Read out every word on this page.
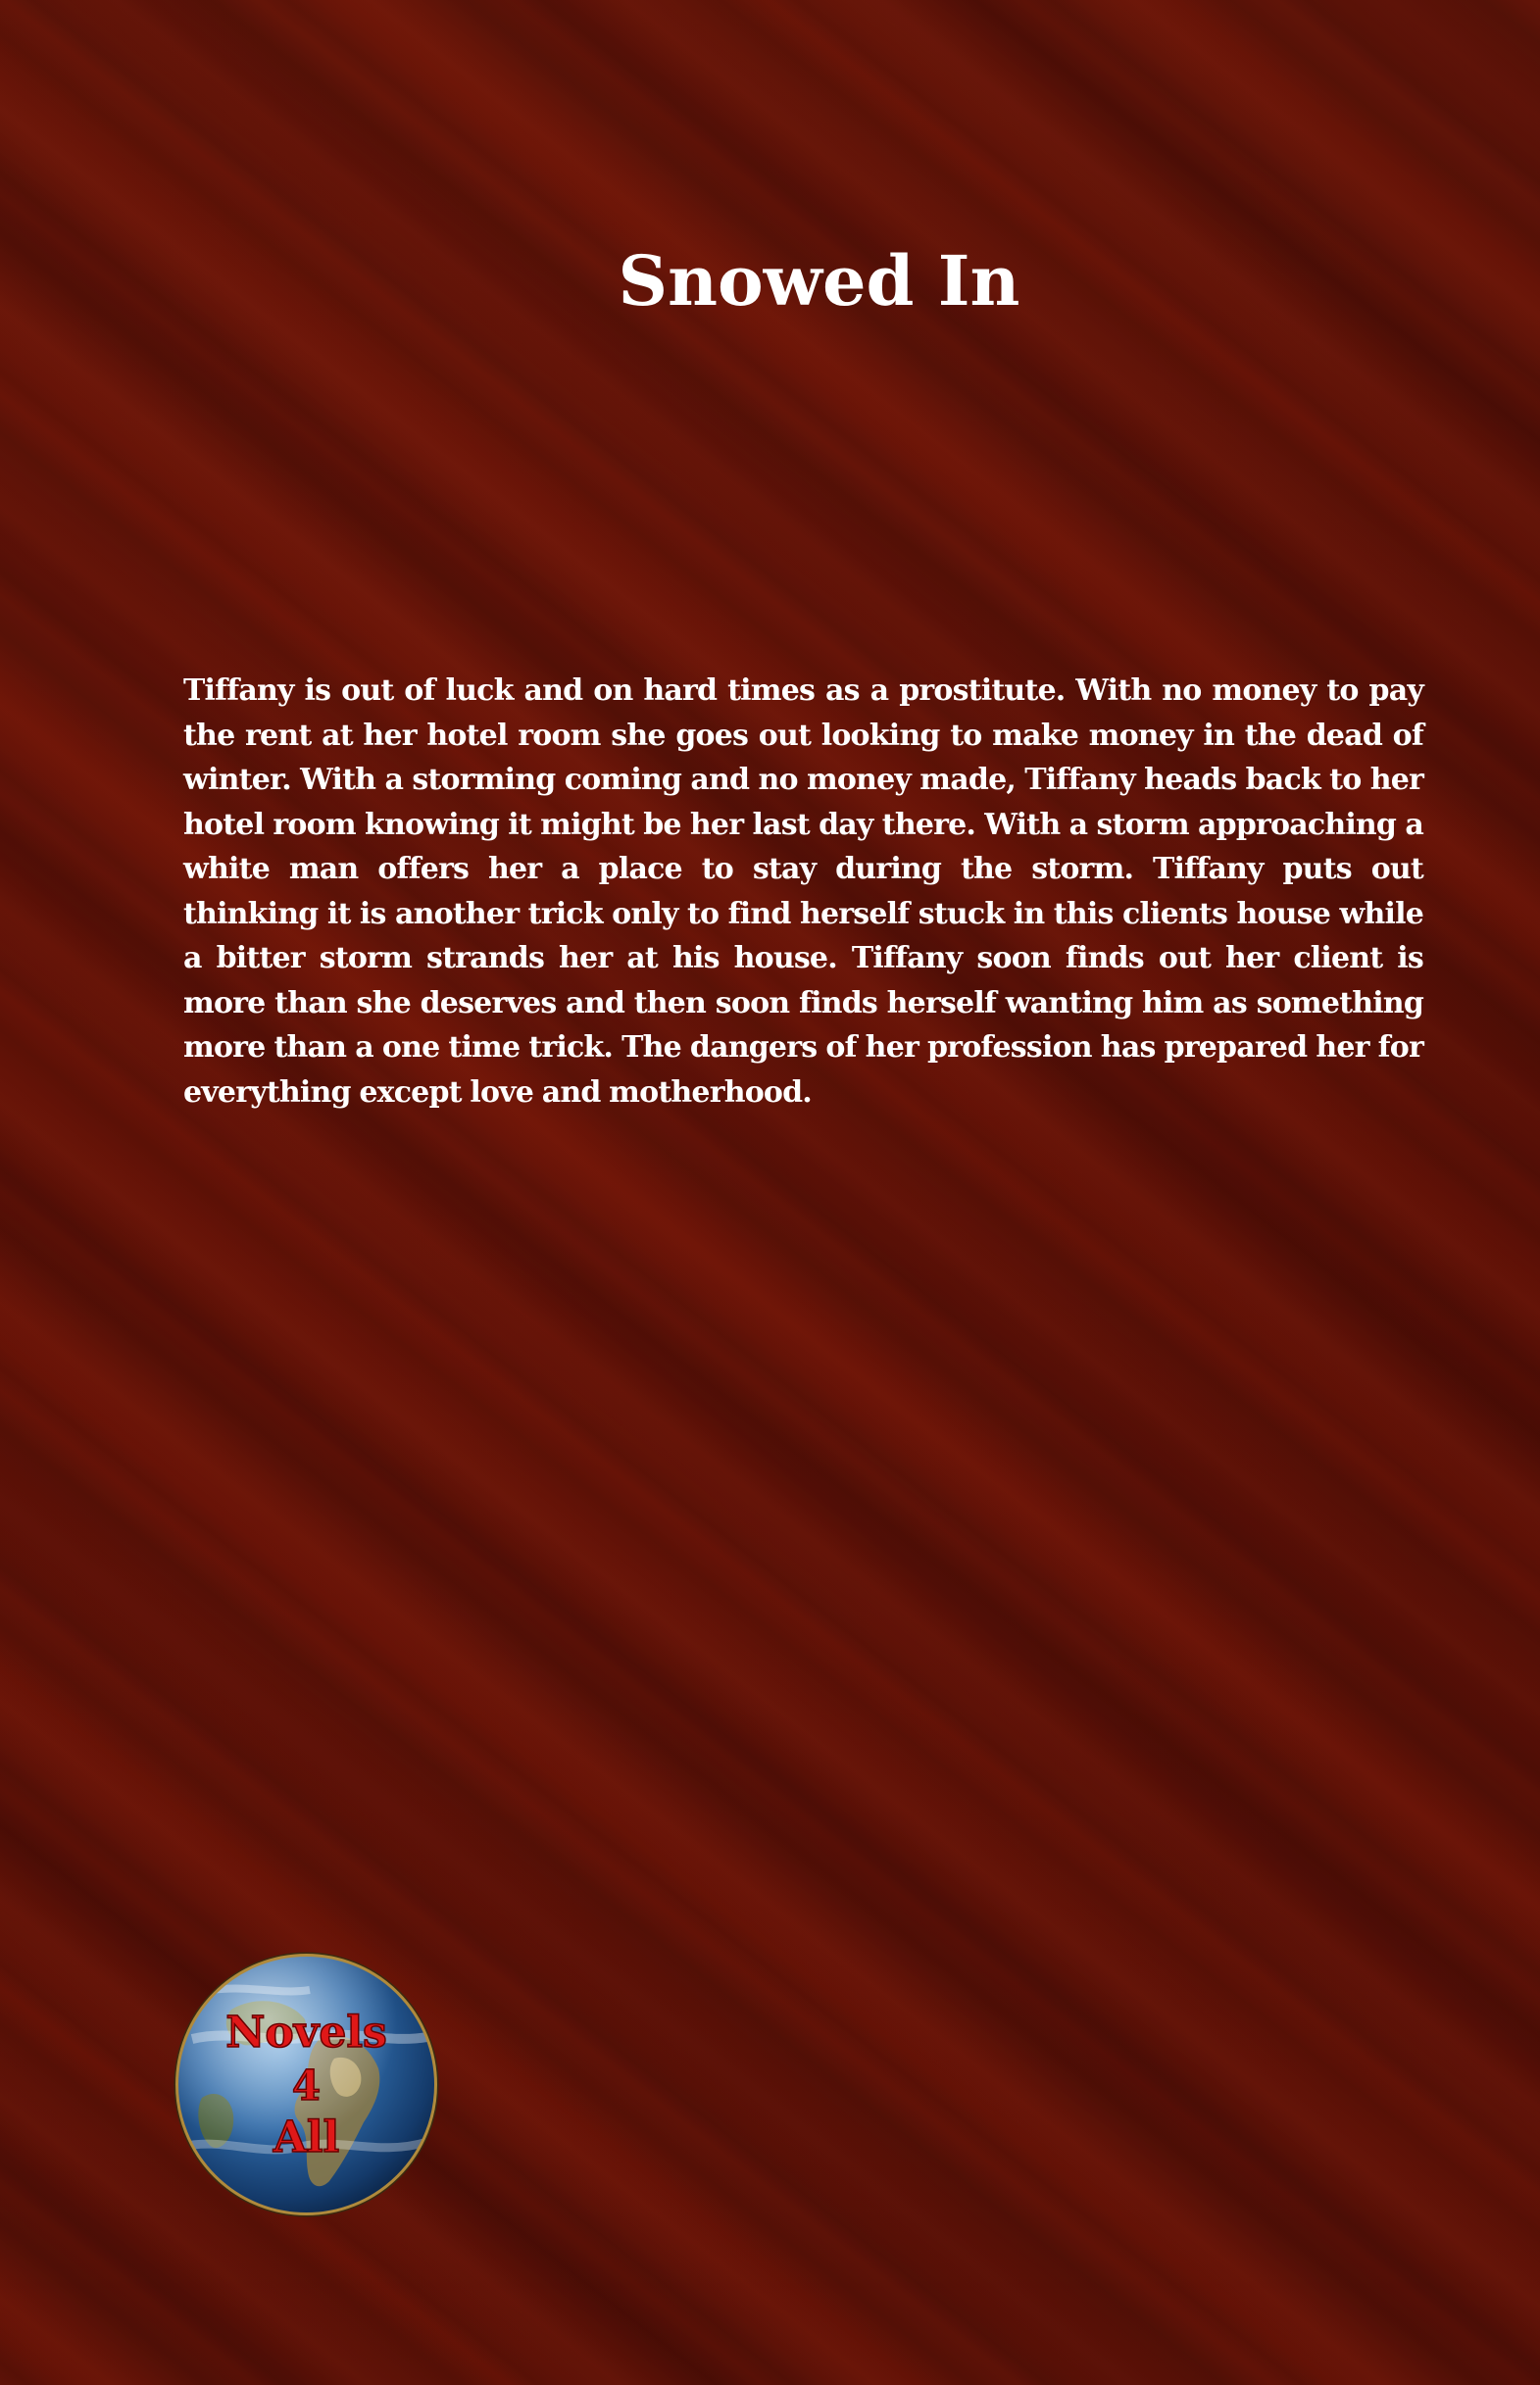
Snowed In

Tiffany is out of luck and on hard times as a prostitute. With no money to pay the rent at her hotel room she goes out looking to make money in the dead of winter. With a storming coming and no money made, Tiffany heads back to her hotel room knowing it might be her last day there. With a storm approaching a white man offers her a place to stay during the storm. Tiffany puts out thinking it is another trick only to find herself stuck in this clients house while a bitter storm strands her at his house. Tiffany soon finds out her client is more than she deserves and then soon finds herself wanting him as something more than a one time trick. The dangers of her profession has prepared her for everything except love and motherhood.

Novels
4
All
